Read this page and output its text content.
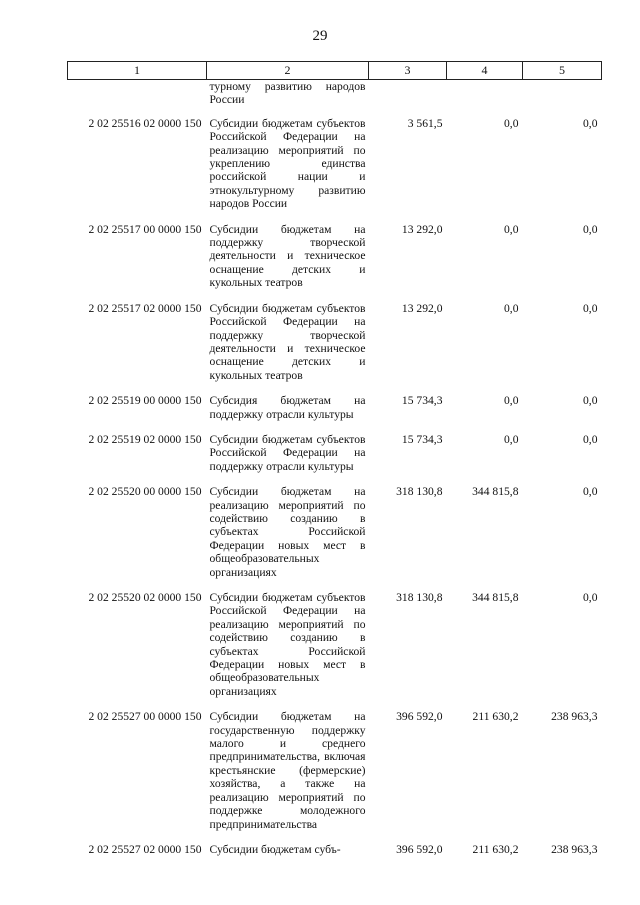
29
1	2	3	4	5
	турному развитию народов России			
2 02 25516 02 0000 150	Субсидии бюджетам субъектов Российской Федерации на реализацию мероприятий по укреплению единства российской нации и этнокультурному развитию народов России	3 561,5	0,0	0,0
2 02 25517 00 0000 150	Субсидии бюджетам на поддержку творческой деятельности и техническое оснащение детских и кукольных театров	13 292,0	0,0	0,0
2 02 25517 02 0000 150	Субсидии бюджетам субъектов Российской Федерации на поддержку творческой деятельности и техническое оснащение детских и кукольных театров	13 292,0	0,0	0,0
2 02 25519 00 0000 150	Субсидия бюджетам на поддержку отрасли культуры	15 734,3	0,0	0,0
2 02 25519 02 0000 150	Субсидии бюджетам субъектов Российской Федерации на поддержку отрасли культуры	15 734,3	0,0	0,0
2 02 25520 00 0000 150	Субсидии бюджетам на реализацию мероприятий по содействию созданию в субъектах Российской Федерации новых мест в общеобразовательных организациях	318 130,8	344 815,8	0,0
2 02 25520 02 0000 150	Субсидии бюджетам субъектов Российской Федерации на реализацию мероприятий по содействию созданию в субъектах Российской Федерации новых мест в общеобразовательных организациях	318 130,8	344 815,8	0,0
2 02 25527 00 0000 150	Субсидии бюджетам на государственную поддержку малого и среднего предпринимательства, включая крестьянские (фермерские) хозяйства, а также на реализацию мероприятий по поддержке молодежного предпринимательства	396 592,0	211 630,2	238 963,3
2 02 25527 02 0000 150	Субсидии бюджетам субъ-	396 592,0	211 630,2	238 963,3
